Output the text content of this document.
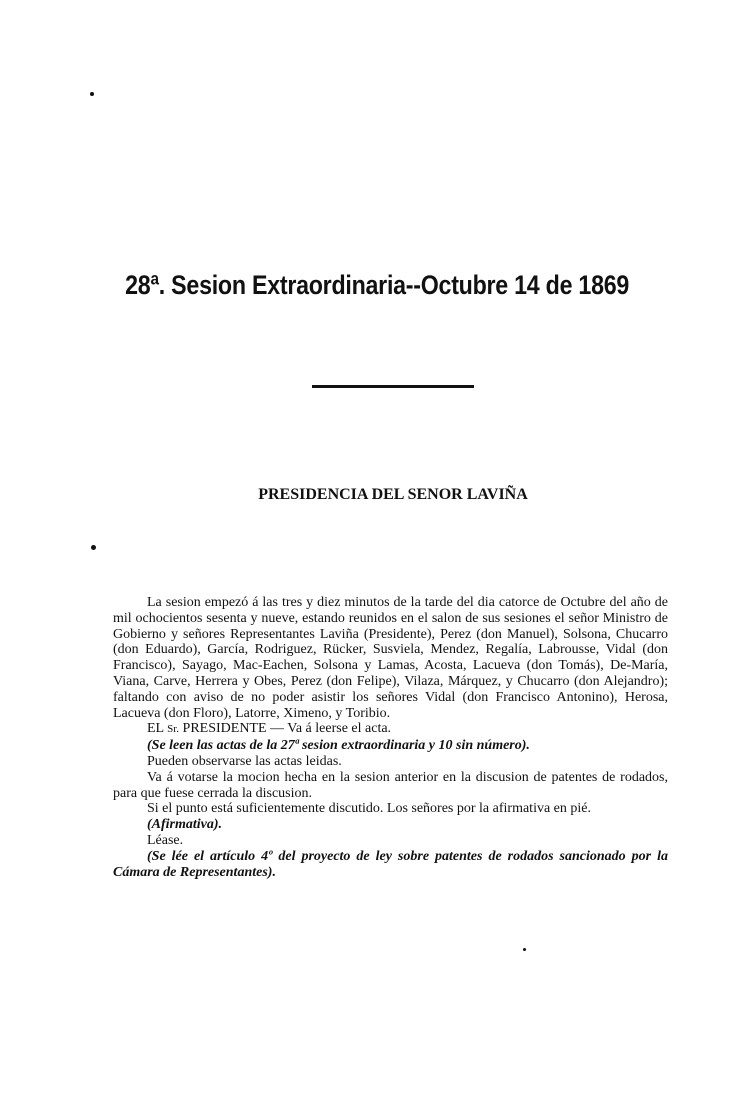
28ª. Sesion Extraordinaria--Octubre 14 de 1869
PRESIDENCIA DEL SENOR LAVIÑA

La sesion empezó á las tres y diez minutos de la tarde del dia catorce de Octubre del año de mil ochocientos sesenta y nueve, estando reunidos en el salon de sus sesiones el señor Ministro de Gobierno y señores Representantes Laviña (Presidente), Perez (don Manuel), Solsona, Chucarro (don Eduardo), García, Rodriguez, Rücker, Susviela, Mendez, Regalía, Labrousse, Vidal (don Francisco), Sayago, Mac-Eachen, Solsona y Lamas, Acosta, Lacueva (don Tomás), De-María, Viana, Carve, Herrera y Obes, Perez (don Felipe), Vilaza, Márquez, y Chucarro (don Alejandro); faltando con aviso de no poder asistir los señores Vidal (don Francisco Antonino), Herosa, Lacueva (don Floro), Latorre, Ximeno, y Toribio.

EL Sr. PRESIDENTE — Va á leerse el acta.

(Se leen las actas de la 27ª sesion extraordinaria y 10 sin número).

Pueden observarse las actas leidas.

Va á votarse la mocion hecha en la sesion anterior en la discusion de patentes de rodados, para que fuese cerrada la discusion.

Si el punto está suficientemente discutido. Los señores por la afirmativa en pié.

(Afirmativa).

Léase.

(Se lée el artículo 4º del proyecto de ley sobre patentes de rodados sancionado por la Cámara de Representantes).
